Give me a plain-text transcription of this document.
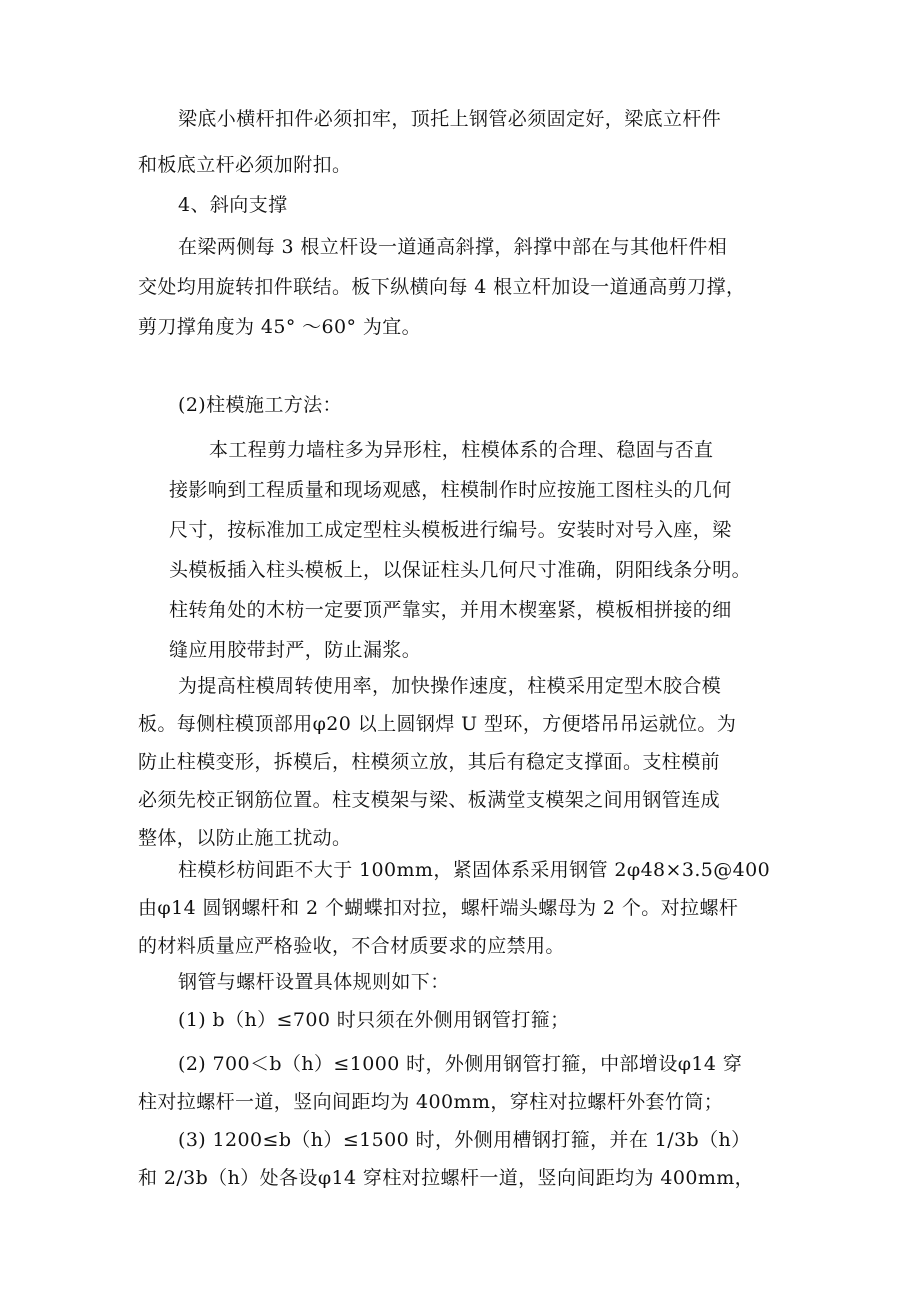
梁底小横杆扣件必须扣牢，顶托上钢管必须固定好，梁底立杆件
和板底立杆必须加附扣。

4、斜向支撑

在梁两侧每 3 根立杆设一道通高斜撑，斜撑中部在与其他杆件相
交处均用旋转扣件联结。板下纵横向每 4 根立杆加设一道通高剪刀撑，
剪刀撑角度为 45° ～60° 为宜。

(2)柱模施工方法：

本工程剪力墙柱多为异形柱，柱模体系的合理、稳固与否直
接影响到工程质量和现场观感，柱模制作时应按施工图柱头的几何
尺寸，按标准加工成定型柱头模板进行编号。安装时对号入座，梁
头模板插入柱头模板上，以保证柱头几何尺寸准确，阴阳线条分明。
柱转角处的木枋一定要顶严靠实，并用木楔塞紧，模板相拼接的细
缝应用胶带封严，防止漏浆。

为提高柱模周转使用率，加快操作速度，柱模采用定型木胶合模
板。每侧柱模顶部用φ20 以上圆钢焊 U 型环，方便塔吊吊运就位。为
防止柱模变形，拆模后，柱模须立放，其后有稳定支撑面。支柱模前
必须先校正钢筋位置。柱支模架与梁、板满堂支模架之间用钢管连成
整体，以防止施工扰动。

柱模杉枋间距不大于 100mm，紧固体系采用钢管 2φ48×3.5@400
由φ14 圆钢螺杆和 2 个蝴蝶扣对拉，螺杆端头螺母为 2 个。对拉螺杆
的材料质量应严格验收，不合材质要求的应禁用。

钢管与螺杆设置具体规则如下：

(1) b（h）≤700 时只须在外侧用钢管打箍；

(2) 700＜b（h）≤1000 时，外侧用钢管打箍，中部增设φ14 穿
柱对拉螺杆一道，竖向间距均为 400mm，穿柱对拉螺杆外套竹筒；

(3) 1200≤b（h）≤1500 时，外侧用槽钢打箍，并在 1/3b（h）
和 2/3b（h）处各设φ14 穿柱对拉螺杆一道，竖向间距均为 400mm，
